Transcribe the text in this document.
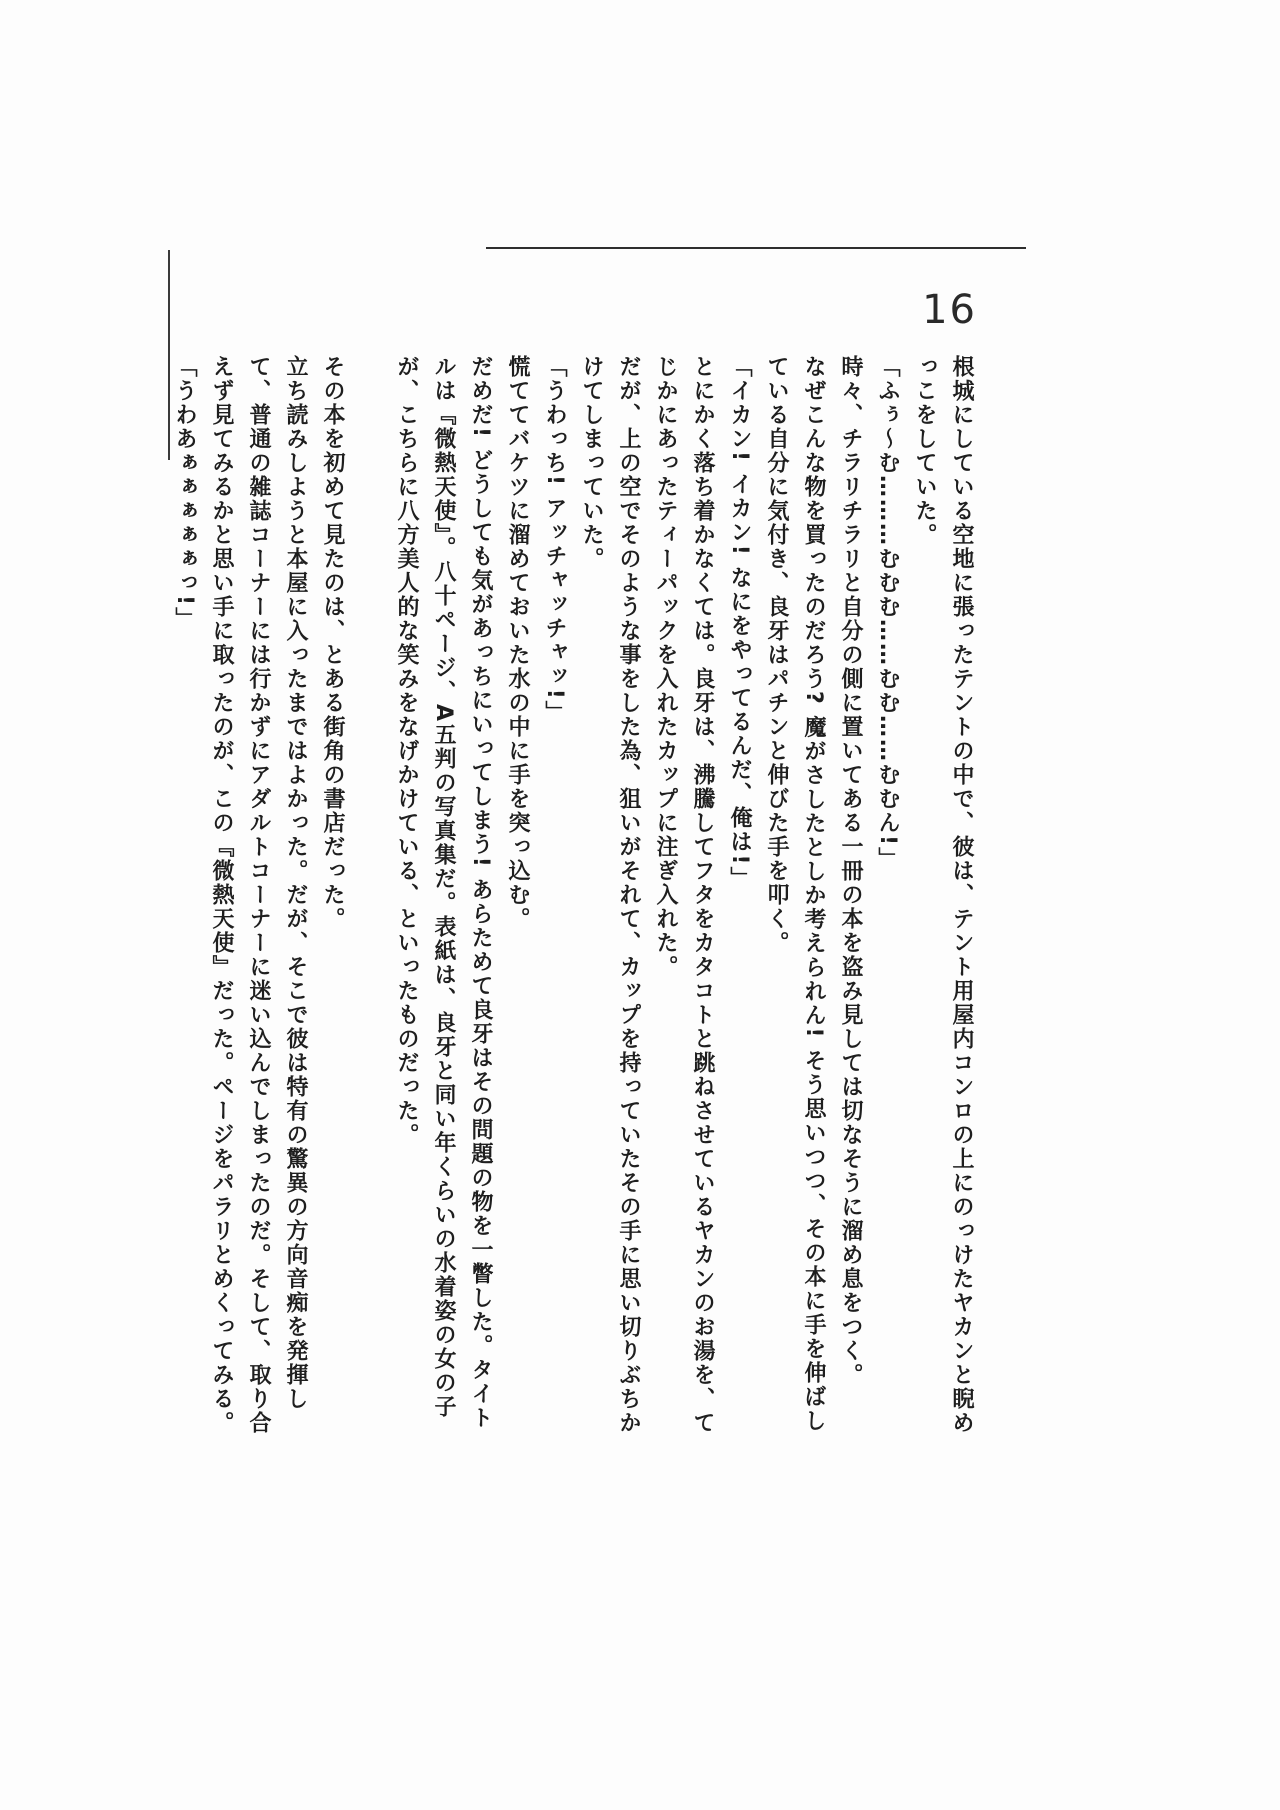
16

根城にしている空地に張ったテントの中で、彼は、テント用屋内コンロの上にのっけたヤカンと睨めっこをしていた。

「ふぅ〜む………むむむ……むむ……むむん!」

時々、チラリチラリと自分の側に置いてある一冊の本を盗み見しては切なそうに溜め息をつく。

なぜこんな物を買ったのだろう? 魔がさしたとしか考えられん! そう思いつつ、その本に手を伸ばしている自分に気付き、良牙はパチンと伸びた手を叩く。

「イカン! イカン! なにをやってるんだ、俺は!」

とにかく落ち着かなくては。良牙は、沸騰してフタをカタコトと跳ねさせているヤカンのお湯を、てじかにあったティーパックを入れたカップに注ぎ入れた。

だが、上の空でそのような事をした為、狙いがそれて、カップを持っていたその手に思い切りぶちかけてしまっていた。

「うわっち! アッチャッチャッ!」

慌ててバケツに溜めておいた水の中に手を突っ込む。

だめだ! どうしても気があっちにいってしまう! あらためて良牙はその問題の物を一瞥した。タイトルは『微熱天使』。八十ページ、A五判の写真集だ。表紙は、良牙と同い年くらいの水着姿の女の子が、こちらに八方美人的な笑みをなげかけている、といったものだった。

その本を初めて見たのは、とある街角の書店だった。

立ち読みしようと本屋に入ったまではよかった。だが、そこで彼は特有の驚異の方向音痴を発揮して、普通の雑誌コーナーには行かずにアダルトコーナーに迷い込んでしまったのだ。そして、取り合えず見てみるかと思い手に取ったのが、この『微熱天使』だった。ページをパラリとめくってみる。

「うわあぁぁぁぁぁっ!」
